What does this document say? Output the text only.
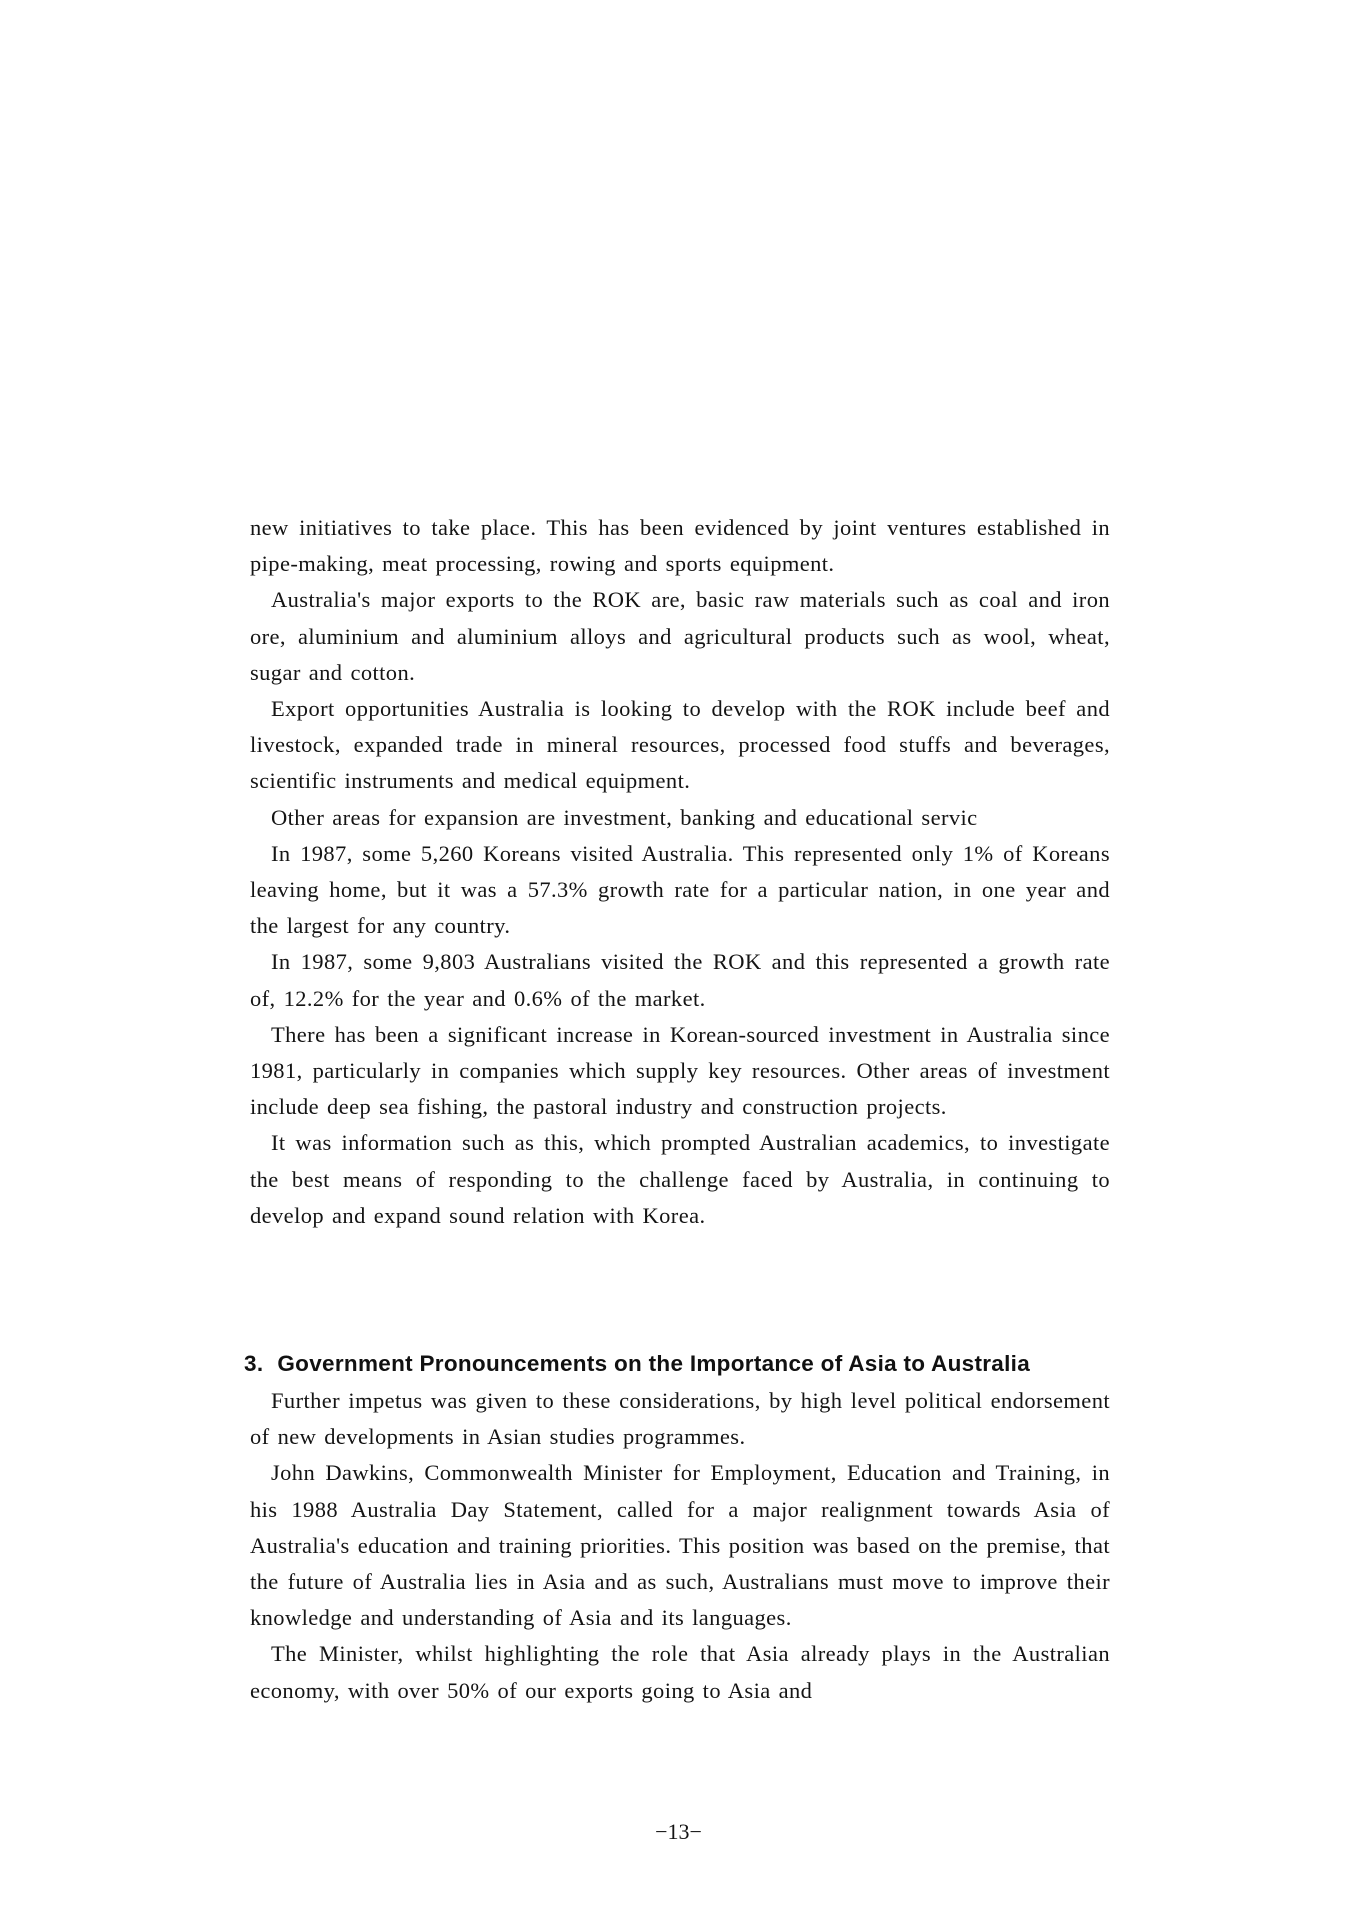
new initiatives to take place. This has been evidenced by joint ventures established in pipe-making, meat processing, rowing and sports equipment.

Australia's major exports to the ROK are, basic raw materials such as coal and iron ore, aluminium and aluminium alloys and agricultural products such as wool, wheat, sugar and cotton.

Export opportunities Australia is looking to develop with the ROK include beef and livestock, expanded trade in mineral resources, processed food stuffs and beverages, scientific instruments and medical equipment.

Other areas for expansion are investment, banking and educational servic

In 1987, some 5,260 Koreans visited Australia. This represented only 1% of Koreans leaving home, but it was a 57.3% growth rate for a particular nation, in one year and the largest for any country.

In 1987, some 9,803 Australians visited the ROK and this represented a growth rate of, 12.2% for the year and 0.6% of the market.

There has been a significant increase in Korean-sourced investment in Australia since 1981, particularly in companies which supply key resources. Other areas of investment include deep sea fishing, the pastoral industry and construction projects.

It was information such as this, which prompted Australian academics, to investigate the best means of responding to the challenge faced by Australia, in continuing to develop and expand sound relation with Korea.

3. Government Pronouncements on the Importance of Asia to Australia

Further impetus was given to these considerations, by high level political endorsement of new developments in Asian studies programmes.

John Dawkins, Commonwealth Minister for Employment, Education and Training, in his 1988 Australia Day Statement, called for a major realignment towards Asia of Australia's education and training priorities. This position was based on the premise, that the future of Australia lies in Asia and as such, Australians must move to improve their knowledge and understanding of Asia and its languages.

The Minister, whilst highlighting the role that Asia already plays in the Australian economy, with over 50% of our exports going to Asia and

−13−
